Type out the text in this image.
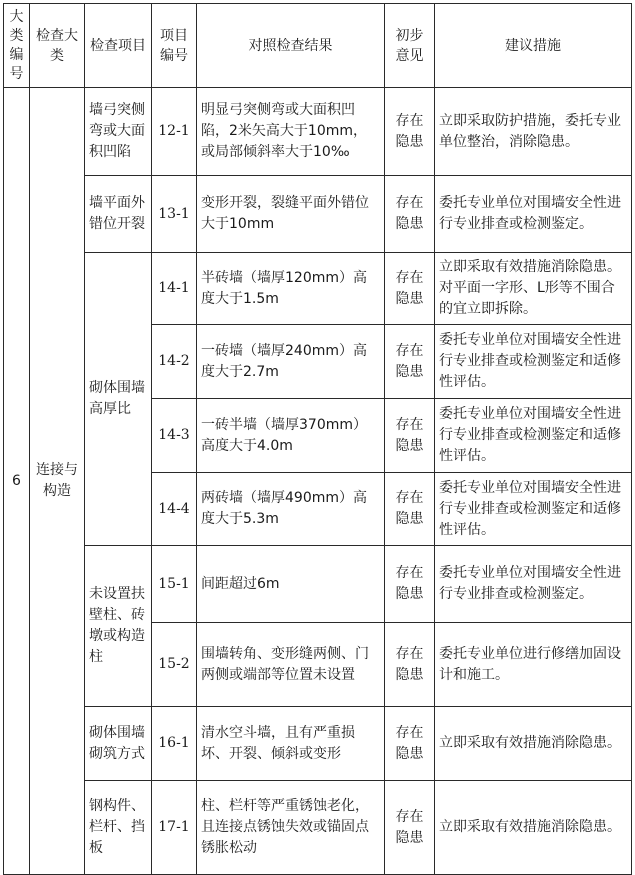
大类编号	检查大类	检查项目	项目编号	对照检查结果	初步意见	建议措施
6	连接与构造	墙弓突侧弯或大面积凹陷	12-1	明显弓突侧弯或大面积凹陷，2米矢高大于10mm，或局部倾斜率大于10‰	存在隐患	立即采取防护措施，委托专业单位整治，消除隐患。
		墙平面外错位开裂	13-1	变形开裂，裂缝平面外错位大于10mm	存在隐患	委托专业单位对围墙安全性进行专业排查或检测鉴定。
		砌体围墙高厚比	14-1	半砖墙（墙厚120mm）高度大于1.5m	存在隐患	立即采取有效措施消除隐患。对平面一字形、L形等不围合的宜立即拆除。
			14-2	一砖墙（墙厚240mm）高度大于2.7m	存在隐患	委托专业单位对围墙安全性进行专业排查或检测鉴定和适修性评估。
			14-3	一砖半墙（墙厚370mm）高度大于4.0m	存在隐患	委托专业单位对围墙安全性进行专业排查或检测鉴定和适修性评估。
			14-4	两砖墙（墙厚490mm）高度大于5.3m	存在隐患	委托专业单位对围墙安全性进行专业排查或检测鉴定和适修性评估。
		未设置扶壁柱、砖墩或构造柱	15-1	间距超过6m	存在隐患	委托专业单位对围墙安全性进行专业排查或检测鉴定。
			15-2	围墙转角、变形缝两侧、门两侧或端部等位置未设置	存在隐患	委托专业单位进行修缮加固设计和施工。
		砌体围墙砌筑方式	16-1	清水空斗墙，且有严重损坏、开裂、倾斜或变形	存在隐患	立即采取有效措施消除隐患。
		钢构件、栏杆、挡板	17-1	柱、栏杆等严重锈蚀老化，且连接点锈蚀失效或锚固点锈胀松动	存在隐患	立即采取有效措施消除隐患。
